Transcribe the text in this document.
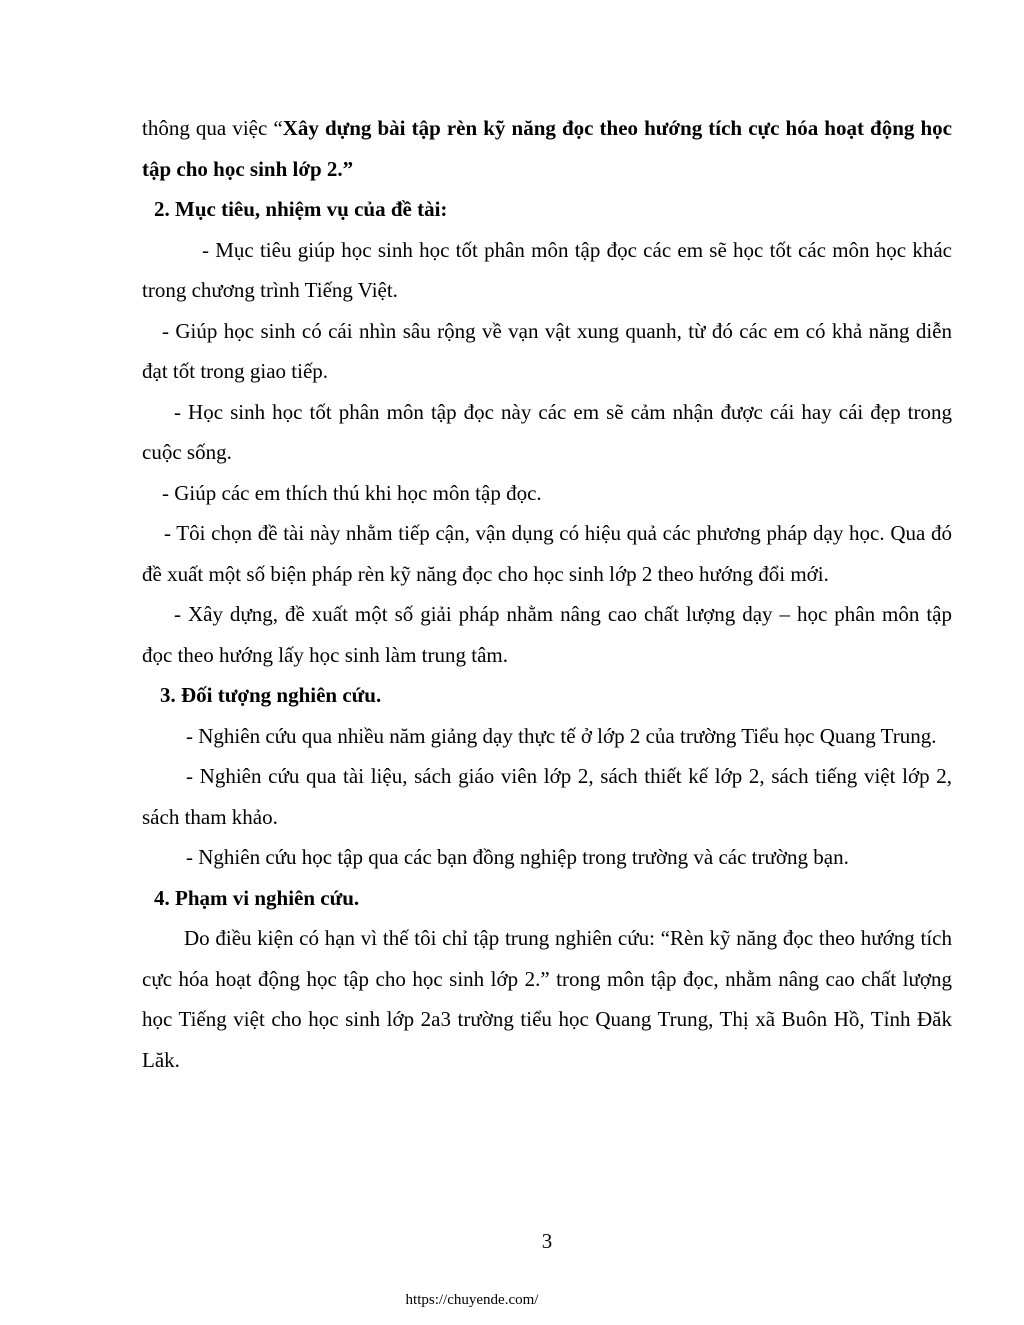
thông qua việc “Xây dựng bài tập rèn kỹ năng đọc theo hướng tích cực hóa hoạt động học tập cho học sinh lớp 2.”

2. Mục tiêu, nhiệm vụ của đề tài:

- Mục tiêu giúp học sinh học tốt phân môn tập đọc các em sẽ học tốt các môn học khác trong chương trình Tiếng Việt.

- Giúp học sinh có cái nhìn sâu rộng về vạn vật xung quanh, từ đó các em có khả năng diễn đạt tốt trong giao tiếp.

- Học sinh học tốt phân môn tập đọc này các em sẽ cảm nhận được cái hay cái đẹp trong cuộc sống.

- Giúp các em thích thú khi học môn tập đọc.

- Tôi chọn đề tài này nhằm tiếp cận, vận dụng có hiệu quả các phương pháp dạy học. Qua đó đề xuất một số biện pháp rèn kỹ năng đọc cho học sinh lớp 2 theo hướng đổi mới.

- Xây dựng, đề xuất một số giải pháp nhằm nâng cao chất lượng dạy – học phân môn tập đọc theo hướng lấy học sinh làm trung tâm.

3. Đối tượng nghiên cứu.

- Nghiên cứu qua nhiều năm giảng dạy thực tế ở lớp 2 của trường Tiểu học Quang Trung.

- Nghiên cứu qua tài liệu, sách giáo viên lớp 2, sách thiết kế lớp 2, sách tiếng việt lớp 2, sách tham khảo.

- Nghiên cứu học tập qua các bạn đồng nghiệp trong trường và các trường bạn.

4. Phạm vi nghiên cứu.

Do điều kiện có hạn vì thế tôi chỉ tập trung nghiên cứu: “Rèn kỹ năng đọc theo hướng tích cực hóa hoạt động học tập cho học sinh lớp 2.” trong môn tập đọc, nhằm nâng cao chất lượng học Tiếng việt cho học sinh lớp 2a3 trường tiểu học Quang Trung, Thị xã Buôn Hồ, Tỉnh Đăk Lăk.

3
https://chuyende.com/
